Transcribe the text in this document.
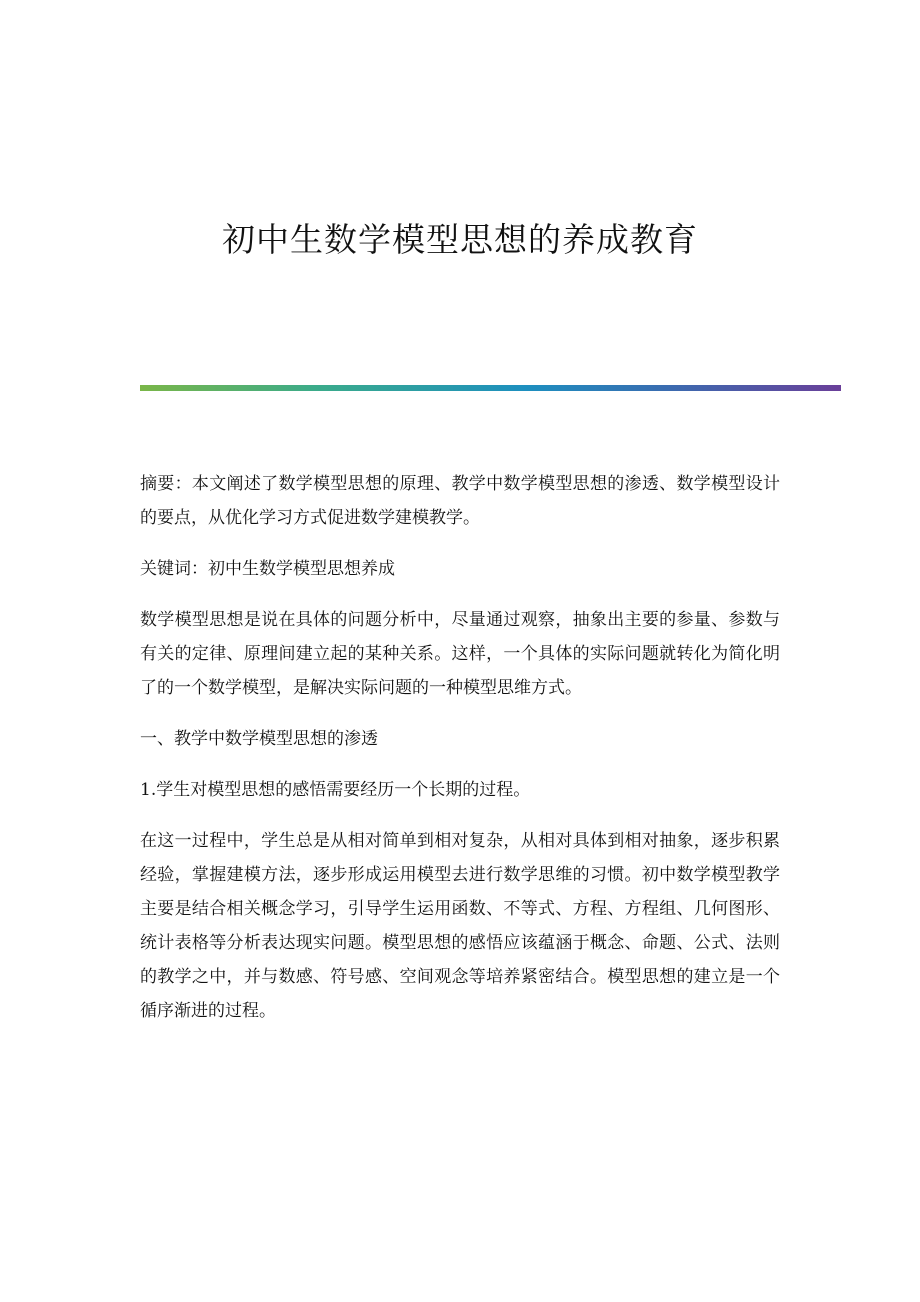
初中生数学模型思想的养成教育

摘要：本文阐述了数学模型思想的原理、教学中数学模型思想的渗透、数学模型设计的要点，从优化学习方式促进数学建模教学。

关键词：初中生数学模型思想养成

数学模型思想是说在具体的问题分析中，尽量通过观察，抽象出主要的参量、参数与有关的定律、原理间建立起的某种关系。这样，一个具体的实际问题就转化为简化明了的一个数学模型，是解决实际问题的一种模型思维方式。

一、教学中数学模型思想的渗透

1.学生对模型思想的感悟需要经历一个长期的过程。

在这一过程中，学生总是从相对简单到相对复杂，从相对具体到相对抽象，逐步积累经验，掌握建模方法，逐步形成运用模型去进行数学思维的习惯。初中数学模型教学主要是结合相关概念学习，引导学生运用函数、不等式、方程、方程组、几何图形、统计表格等分析表达现实问题。模型思想的感悟应该蕴涵于概念、命题、公式、法则的教学之中，并与数感、符号感、空间观念等培养紧密结合。模型思想的建立是一个循序渐进的过程。
